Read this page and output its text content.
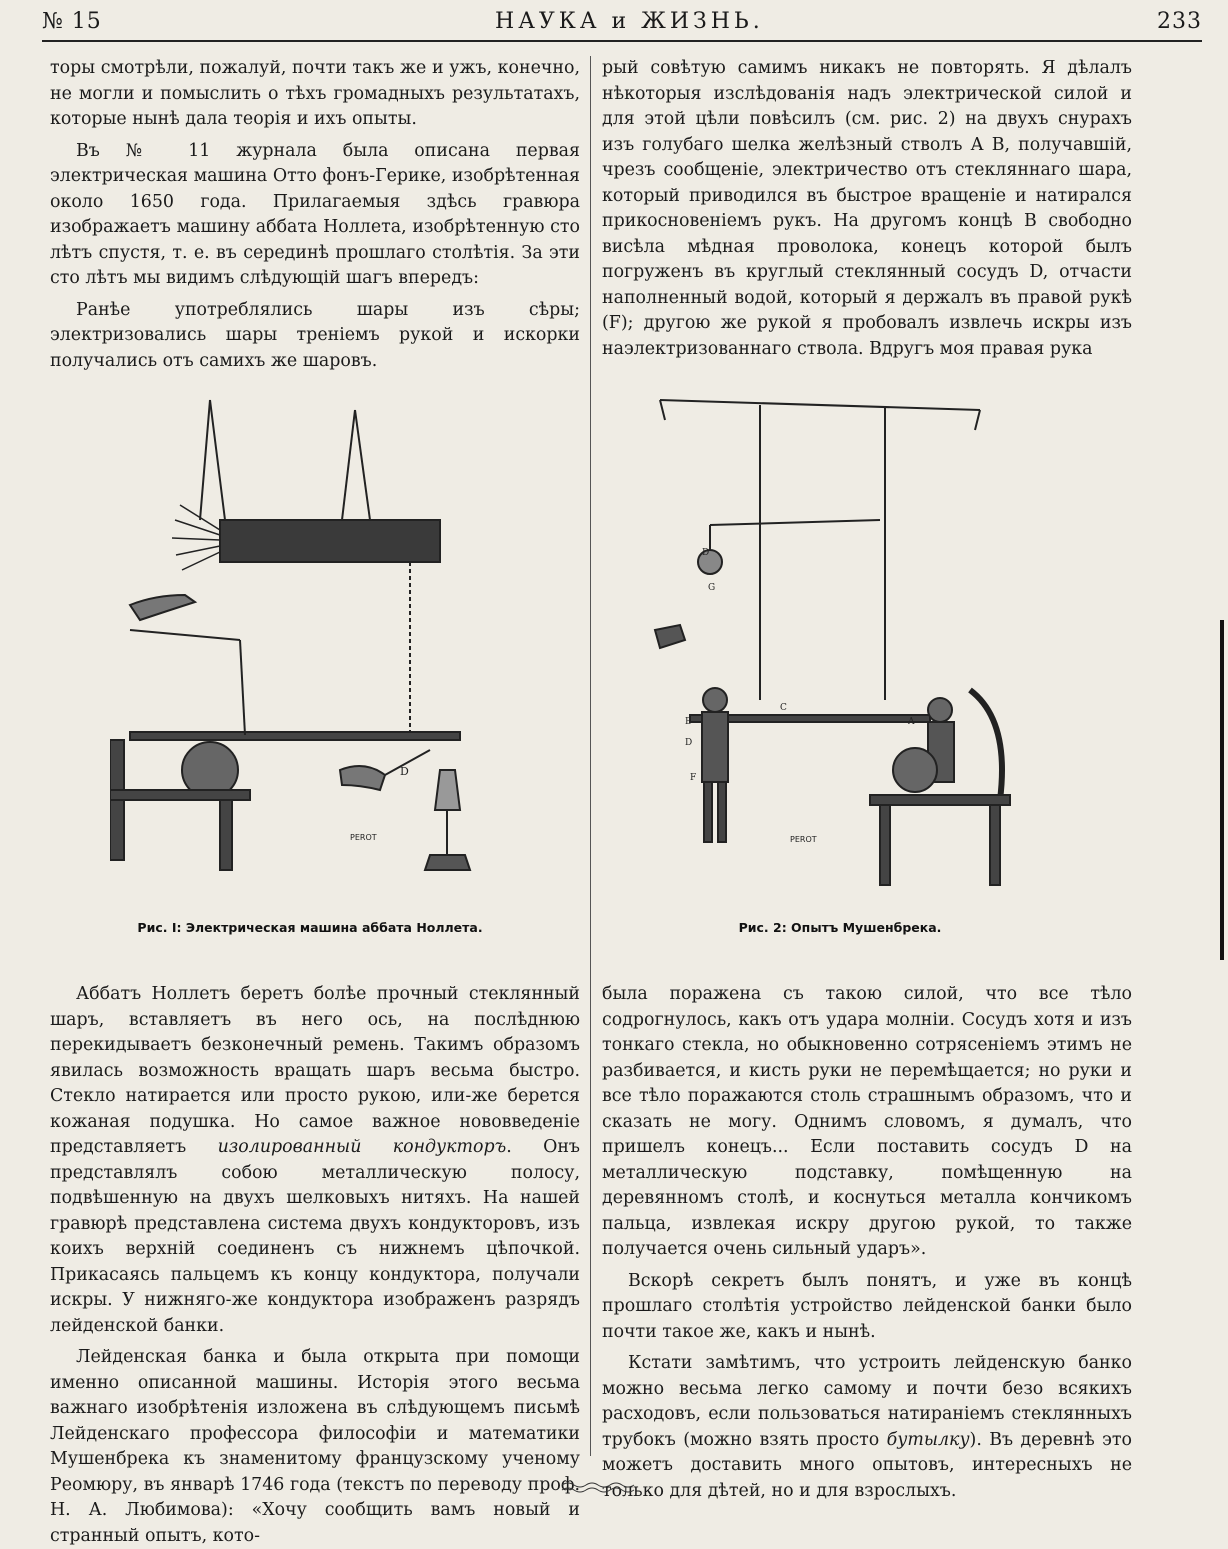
№ 15	НАУКА и ЖИЗНЬ.	233

торы смотрѣли, пожалуй, почти такъ же и ужъ, конечно, не могли и помыслить о тѣхъ громадныхъ результатахъ, которые нынѣ дала теорія и ихъ опыты.

Въ № 11 журнала была описана первая электрическая машина Отто фонъ-Герике, изобрѣтенная около 1650 года. Прилагаемыя здѣсь гравюра изображаетъ машину аббата Ноллета, изобрѣтенную сто лѣтъ спустя, т. е. въ серединѣ прошлаго столѣтія. За эти сто лѣтъ мы видимъ слѣдующій шагъ впередъ:

Ранѣе употреблялись шары изъ сѣры; электризовались шары треніемъ рукой и искорки получались отъ самихъ же шаровъ.

рый совѣтую самимъ никакъ не повторять. Я дѣлалъ нѣкоторыя изслѣдованія надъ электрической силой и для этой цѣли повѣсилъ (см. рис. 2) на двухъ снурахъ изъ голубаго шелка желѣзный стволъ А В, получавшій, чрезъ сообщеніе, электричество отъ стекляннаго шара, который приводился въ быстрое вращеніе и натирался прикосновеніемъ рукъ. На другомъ концѣ В свободно висѣла мѣдная проволока, конецъ которой былъ погруженъ въ круглый стеклянный сосудъ D, отчасти наполненный водой, который я держалъ въ правой рукѣ (F); другою же рукой я пробовалъ извлечь искры изъ наэлектризованнаго ствола. Вдругъ моя правая рука

D
PEROT
Рис. I: Электрическая машина аббата Ноллета.
D
G
B
D
F
A
C
PEROT
Рис. 2: Опытъ Мушенбрека.

Аббатъ Ноллетъ беретъ болѣе прочный стеклянный шаръ, вставляетъ въ него ось, на послѣднюю перекидываетъ безконечный ремень. Такимъ образомъ явилась возможность вращать шаръ весьма быстро. Стекло натирается или просто рукою, или-же берется кожаная подушка. Но самое важное нововведеніе представляетъ изолированный кондукторъ. Онъ представлялъ собою металлическую полосу, подвѣшенную на двухъ шелковыхъ нитяхъ. На нашей гравюрѣ представлена система двухъ кондукторовъ, изъ коихъ верхній соединенъ съ нижнемъ цѣпочкой. Прикасаясь пальцемъ къ концу кондуктора, получали искры. У нижняго-же кондуктора изображенъ разрядъ лейденской банки.

Лейденская банка и была открыта при помощи именно описанной машины. Исторія этого весьма важнаго изобрѣтенія изложена въ слѣдующемъ письмѣ Лейденскаго профессора философіи и математики Мушенбрека къ знаменитому французскому ученому Реомюру, въ январѣ 1746 года (текстъ по переводу проф. Н. А. Любимова): «Хочу сообщить вамъ новый и странный опытъ, кото-

была поражена съ такою силой, что все тѣло содрогнулось, какъ отъ удара молніи. Сосудъ хотя и изъ тонкаго стекла, но обыкновенно сотрясеніемъ этимъ не разбивается, и кисть руки не перемѣщается; но руки и все тѣло поражаются столь страшнымъ образомъ, что и сказать не могу. Однимъ словомъ, я думалъ, что пришелъ конецъ... Если поставить сосудъ D на металлическую подставку, помѣщенную на деревянномъ столѣ, и коснуться металла кончикомъ пальца, извлекая искру другою рукой, то также получается очень сильный ударъ».

Вскорѣ секретъ былъ понятъ, и уже въ концѣ прошлаго столѣтія устройство лейденской банки было почти такое же, какъ и нынѣ.

Кстати замѣтимъ, что устроить лейденскую банко можно весьма легко самому и почти безо всякихъ расходовъ, если пользоваться натираніемъ стеклянныхъ трубокъ (можно взять просто бутылку). Въ деревнѣ это можетъ доставить много опытовъ, интересныхъ не только для дѣтей, но и для взрослыхъ.
